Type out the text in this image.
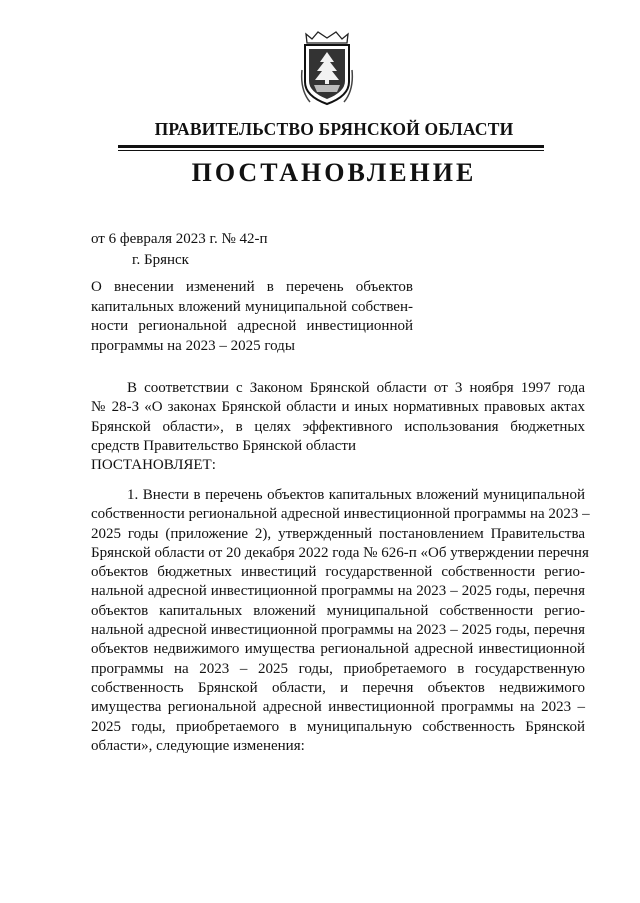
ПРАВИТЕЛЬСТВО БРЯНСКОЙ ОБЛАСТИ
ПОСТАНОВЛЕНИЕ
от 6 февраля 2023 г. № 42-п
г. Брянск
О внесении изменений в перечень объектов
капитальных вложений муниципальной собствен-
ности региональной адресной инвестиционной
программы на 2023 – 2025 годы
В соответствии с Законом Брянской области от 3 ноября 1997 года
№ 28-З «О законах Брянской области и иных нормативных правовых актах
Брянской области», в целях эффективного использования бюджетных
средств Правительство Брянской области
ПОСТАНОВЛЯЕТ:
1. Внести в перечень объектов капитальных вложений муниципальной
собственности региональной адресной инвестиционной программы на 2023 –
2025 годы (приложение 2), утвержденный постановлением Правительства
Брянской области от 20 декабря 2022 года № 626-п «Об утверждении перечня
объектов бюджетных инвестиций государственной собственности регио-
нальной адресной инвестиционной программы на 2023 – 2025 годы, перечня
объектов капитальных вложений муниципальной собственности регио-
нальной адресной инвестиционной программы на 2023 – 2025 годы, перечня
объектов недвижимого имущества региональной адресной инвестиционной
программы на 2023 – 2025 годы, приобретаемого в государственную
собственность Брянской области, и перечня объектов недвижимого
имущества региональной адресной инвестиционной программы на 2023 –
2025 годы, приобретаемого в муниципальную собственность Брянской
области», следующие изменения:
